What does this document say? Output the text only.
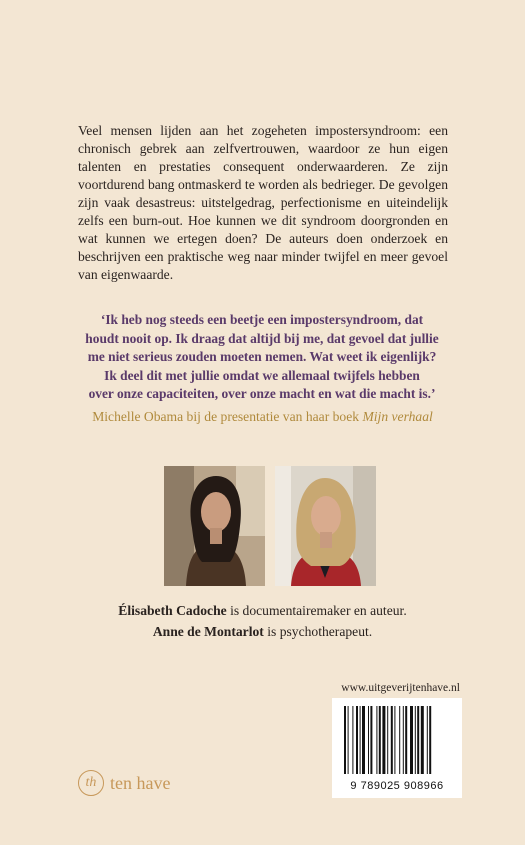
Veel mensen lijden aan het zogeheten impostersyndroom: een chronisch gebrek aan zelfvertrouwen, waardoor ze hun eigen talenten en prestaties consequent onderwaarderen. Ze zijn voortdurend bang ontmaskerd te worden als bedrieger. De gevolgen zijn vaak desastreus: uitstelgedrag, perfectionisme en uiteindelijk zelfs een burn-out. Hoe kunnen we dit syndroom doorgronden en wat kunnen we ertegen doen? De auteurs doen onderzoek en beschrijven een praktische weg naar minder twijfel en meer gevoel van eigenwaarde.

‘Ik heb nog steeds een beetje een impostersyndroom, dat
houdt nooit op. Ik draag dat altijd bij me, dat gevoel dat jullie
me niet serieus zouden moeten nemen. Wat weet ik eigenlijk?
Ik deel dit met jullie omdat we allemaal twijfels hebben
over onze capaciteiten, over onze macht en wat die macht is.’

Michelle Obama bij de presentatie van haar boek Mijn verhaal

Élisabeth Cadoche is documentairemaker en auteur.
Anne de Montarlot is psychotherapeut.
www.uitgeverijtenhave.nl
9 789025 908966
th ten have
